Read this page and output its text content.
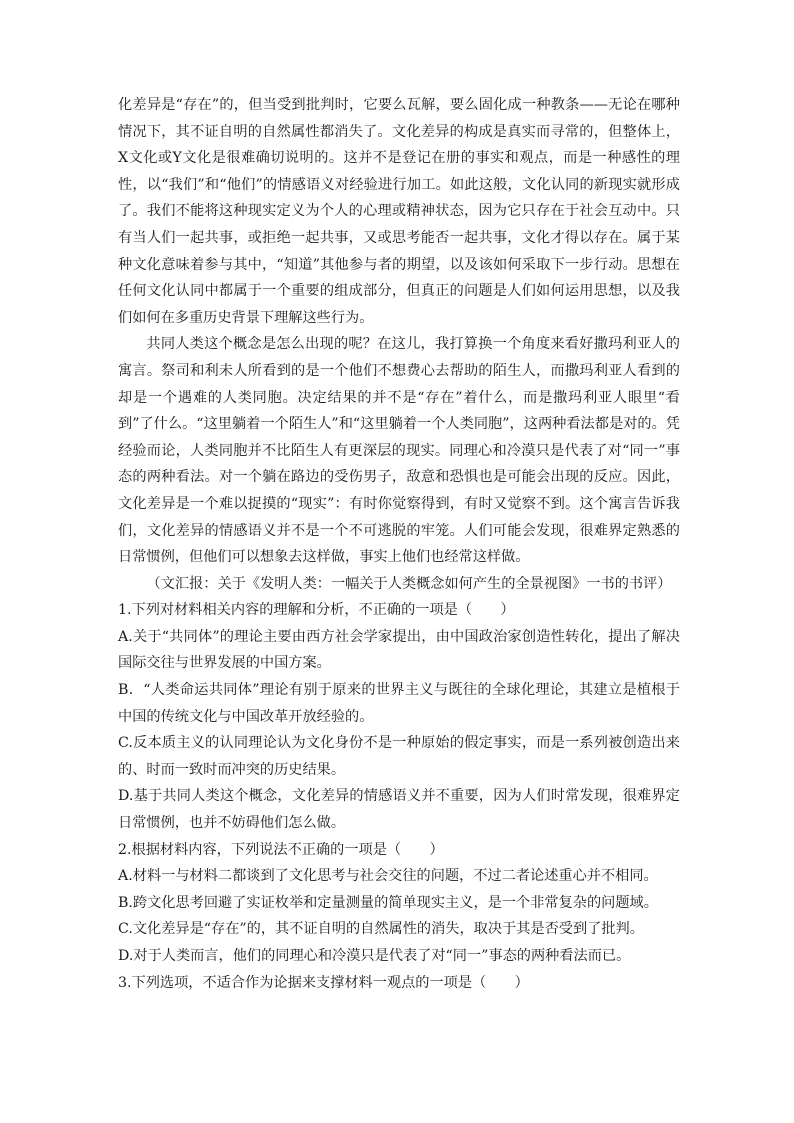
化差异是“存在”的，但当受到批判时，它要么瓦解，要么固化成一种教条——无论在哪种情况下，其不证自明的自然属性都消失了。文化差异的构成是真实而寻常的，但整体上，X文化或Y文化是很难确切说明的。这并不是登记在册的事实和观点，而是一种感性的理性，以“我们”和“他们”的情感语义对经验进行加工。如此这般，文化认同的新现实就形成了。我们不能将这种现实定义为个人的心理或精神状态，因为它只存在于社会互动中。只有当人们一起共事，或拒绝一起共事，又或思考能否一起共事，文化才得以存在。属于某种文化意味着参与其中，“知道”其他参与者的期望，以及该如何采取下一步行动。思想在任何文化认同中都属于一个重要的组成部分，但真正的问题是人们如何运用思想，以及我们如何在多重历史背景下理解这些行为。

共同人类这个概念是怎么出现的呢？在这儿，我打算换一个角度来看好撒玛利亚人的寓言。祭司和利未人所看到的是一个他们不想费心去帮助的陌生人，而撒玛利亚人看到的却是一个遇难的人类同胞。决定结果的并不是“存在”着什么，而是撒玛利亚人眼里“看到”了什么。“这里躺着一个陌生人”和“这里躺着一个人类同胞”，这两种看法都是对的。凭经验而论，人类同胞并不比陌生人有更深层的现实。同理心和冷漠只是代表了对“同一”事态的两种看法。对一个躺在路边的受伤男子，敌意和恐惧也是可能会出现的反应。因此，文化差异是一个难以捉摸的“现实”：有时你觉察得到，有时又觉察不到。这个寓言告诉我们，文化差异的情感语义并不是一个不可逃脱的牢笼。人们可能会发现，很难界定熟悉的日常惯例，但他们可以想象去这样做，事实上他们也经常这样做。

（文汇报：关于《发明人类：一幅关于人类概念如何产生的全景视图》一书的书评）

1.下列对材料相关内容的理解和分析，不正确的一项是（　　）

A.关于“共同体”的理论主要由西方社会学家提出，由中国政治家创造性转化，提出了解决国际交往与世界发展的中国方案。

B．“人类命运共同体”理论有别于原来的世界主义与既往的全球化理论，其建立是植根于中国的传统文化与中国改革开放经验的。

C.反本质主义的认同理论认为文化身份不是一种原始的假定事实，而是一系列被创造出来的、时而一致时而冲突的历史结果。

D.基于共同人类这个概念，文化差异的情感语义并不重要，因为人们时常发现，很难界定日常惯例，也并不妨碍他们怎么做。

2.根据材料内容，下列说法不正确的一项是（　　）

A.材料一与材料二都谈到了文化思考与社会交往的问题，不过二者论述重心并不相同。

B.跨文化思考回避了实证枚举和定量测量的简单现实主义，是一个非常复杂的问题域。

C.文化差异是“存在”的，其不证自明的自然属性的消失，取决于其是否受到了批判。

D.对于人类而言，他们的同理心和冷漠只是代表了对“同一”事态的两种看法而已。

3.下列选项，不适合作为论据来支撑材料一观点的一项是（　　）
